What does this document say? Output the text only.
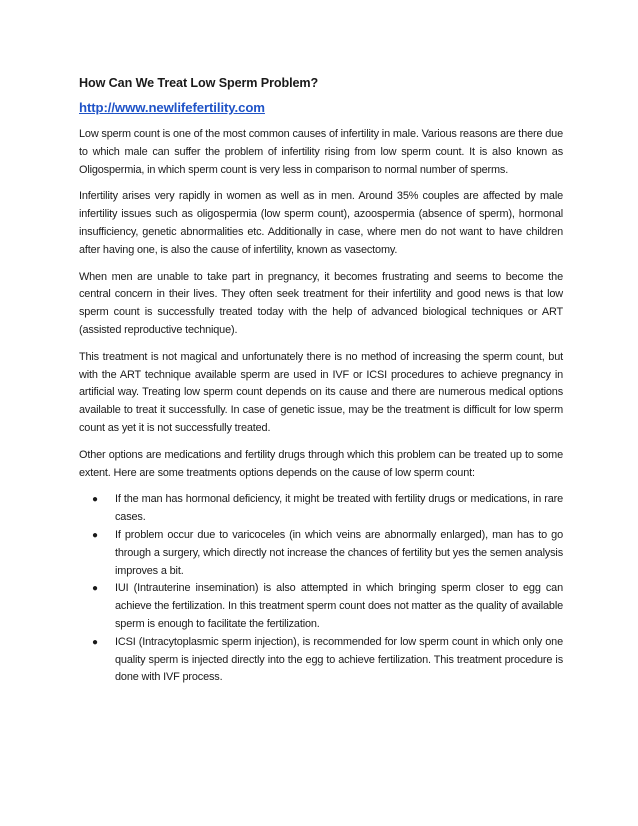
How Can We Treat Low Sperm Problem?
http://www.newlifefertility.com

Low sperm count is one of the most common causes of infertility in male. Various reasons are there due to which male can suffer the problem of infertility rising from low sperm count. It is also known as Oligospermia, in which sperm count is very less in comparison to normal number of sperms.

Infertility arises very rapidly in women as well as in men. Around 35% couples are affected by male infertility issues such as oligospermia (low sperm count), azoospermia (absence of sperm), hormonal insufficiency, genetic abnormalities etc. Additionally in case, where men do not want to have children after having one, is also the cause of infertility, known as vasectomy.

When men are unable to take part in pregnancy, it becomes frustrating and seems to become the central concern in their lives. They often seek treatment for their infertility and good news is that low sperm count is successfully treated today with the help of advanced biological techniques or ART (assisted reproductive technique).

This treatment is not magical and unfortunately there is no method of increasing the sperm count, but with the ART technique available sperm are used in IVF or ICSI procedures to achieve pregnancy in artificial way. Treating low sperm count depends on its cause and there are numerous medical options available to treat it successfully. In case of genetic issue, may be the treatment is difficult for low sperm count as yet it is not successfully treated.

Other options are medications and fertility drugs through which this problem can be treated up to some extent. Here are some treatments options depends on the cause of low sperm count:

● If the man has hormonal deficiency, it might be treated with fertility drugs or medications, in rare cases.
● If problem occur due to varicoceles (in which veins are abnormally enlarged), man has to go through a surgery, which directly not increase the chances of fertility but yes the semen analysis improves a bit.
● IUI (Intrauterine insemination) is also attempted in which bringing sperm closer to egg can achieve the fertilization. In this treatment sperm count does not matter as the quality of available sperm is enough to facilitate the fertilization.
● ICSI (Intracytoplasmic sperm injection), is recommended for low sperm count in which only one quality sperm is injected directly into the egg to achieve fertilization. This treatment procedure is done with IVF process.
